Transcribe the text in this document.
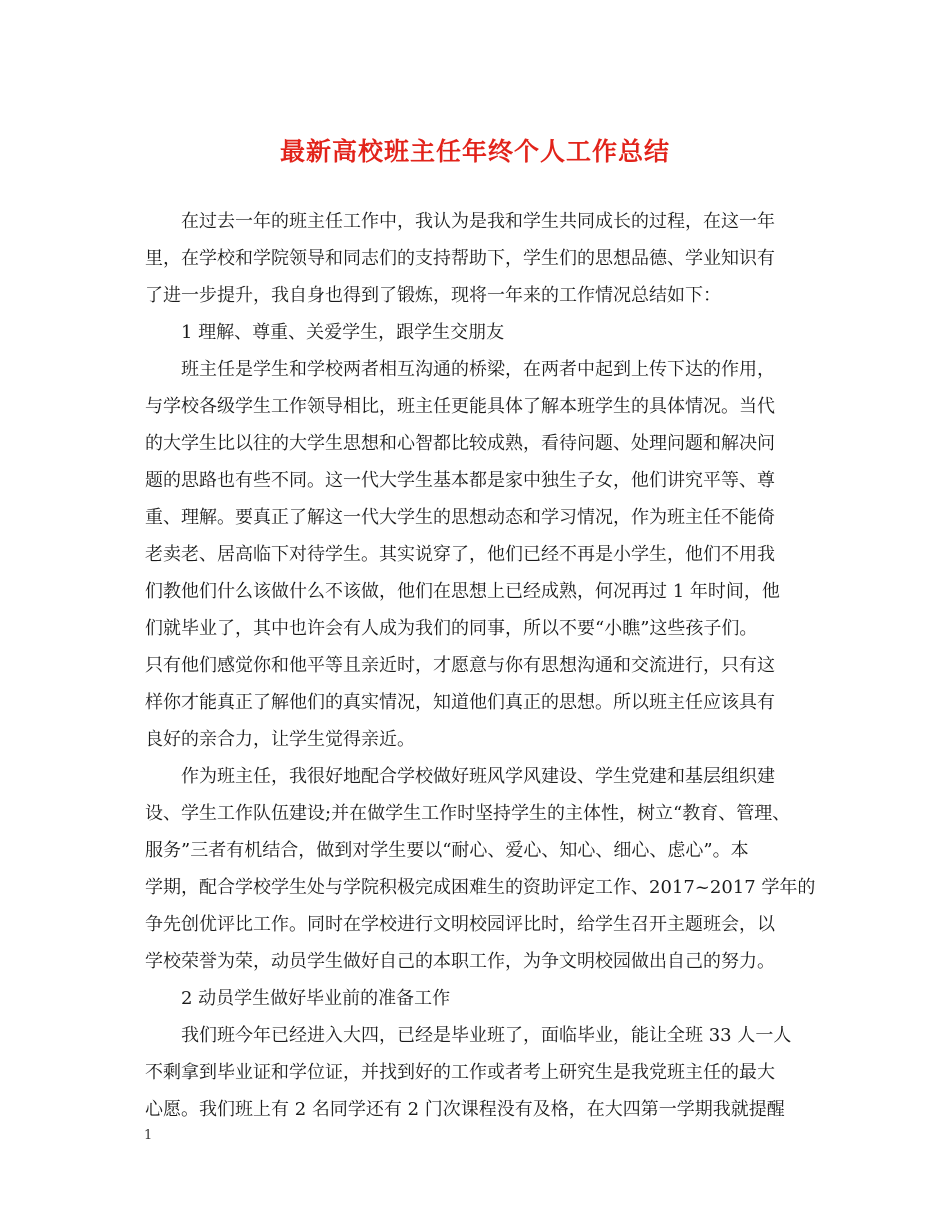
最新高校班主任年终个人工作总结

在过去一年的班主任工作中，我认为是我和学生共同成长的过程，在这一年

里，在学校和学院领导和同志们的支持帮助下，学生们的思想品德、学业知识有

了进一步提升，我自身也得到了锻炼，现将一年来的工作情况总结如下：

1 理解、尊重、关爱学生，跟学生交朋友

班主任是学生和学校两者相互沟通的桥梁，在两者中起到上传下达的作用，

与学校各级学生工作领导相比，班主任更能具体了解本班学生的具体情况。当代

的大学生比以往的大学生思想和心智都比较成熟，看待问题、处理问题和解决问

题的思路也有些不同。这一代大学生基本都是家中独生子女，他们讲究平等、尊

重、理解。要真正了解这一代大学生的思想动态和学习情况，作为班主任不能倚

老卖老、居高临下对待学生。其实说穿了，他们已经不再是小学生，他们不用我

们教他们什么该做什么不该做，他们在思想上已经成熟，何况再过 1 年时间，他

们就毕业了，其中也许会有人成为我们的同事，所以不要“小瞧”这些孩子们。

只有他们感觉你和他平等且亲近时，才愿意与你有思想沟通和交流进行，只有这

样你才能真正了解他们的真实情况，知道他们真正的思想。所以班主任应该具有

良好的亲合力，让学生觉得亲近。

作为班主任，我很好地配合学校做好班风学风建设、学生党建和基层组织建

设、学生工作队伍建设;并在做学生工作时坚持学生的主体性，树立“教育、管理、

服务”三者有机结合，做到对学生要以“耐心、爱心、知心、细心、虑心”。本

学期，配合学校学生处与学院积极完成困难生的资助评定工作、2017~2017 学年的

争先创优评比工作。同时在学校进行文明校园评比时，给学生召开主题班会，以

学校荣誉为荣，动员学生做好自己的本职工作，为争文明校园做出自己的努力。

2 动员学生做好毕业前的准备工作

我们班今年已经进入大四，已经是毕业班了，面临毕业，能让全班 33 人一人

不剩拿到毕业证和学位证，并找到好的工作或者考上研究生是我党班主任的最大

心愿。我们班上有 2 名同学还有 2 门次课程没有及格，在大四第一学期我就提醒

1
